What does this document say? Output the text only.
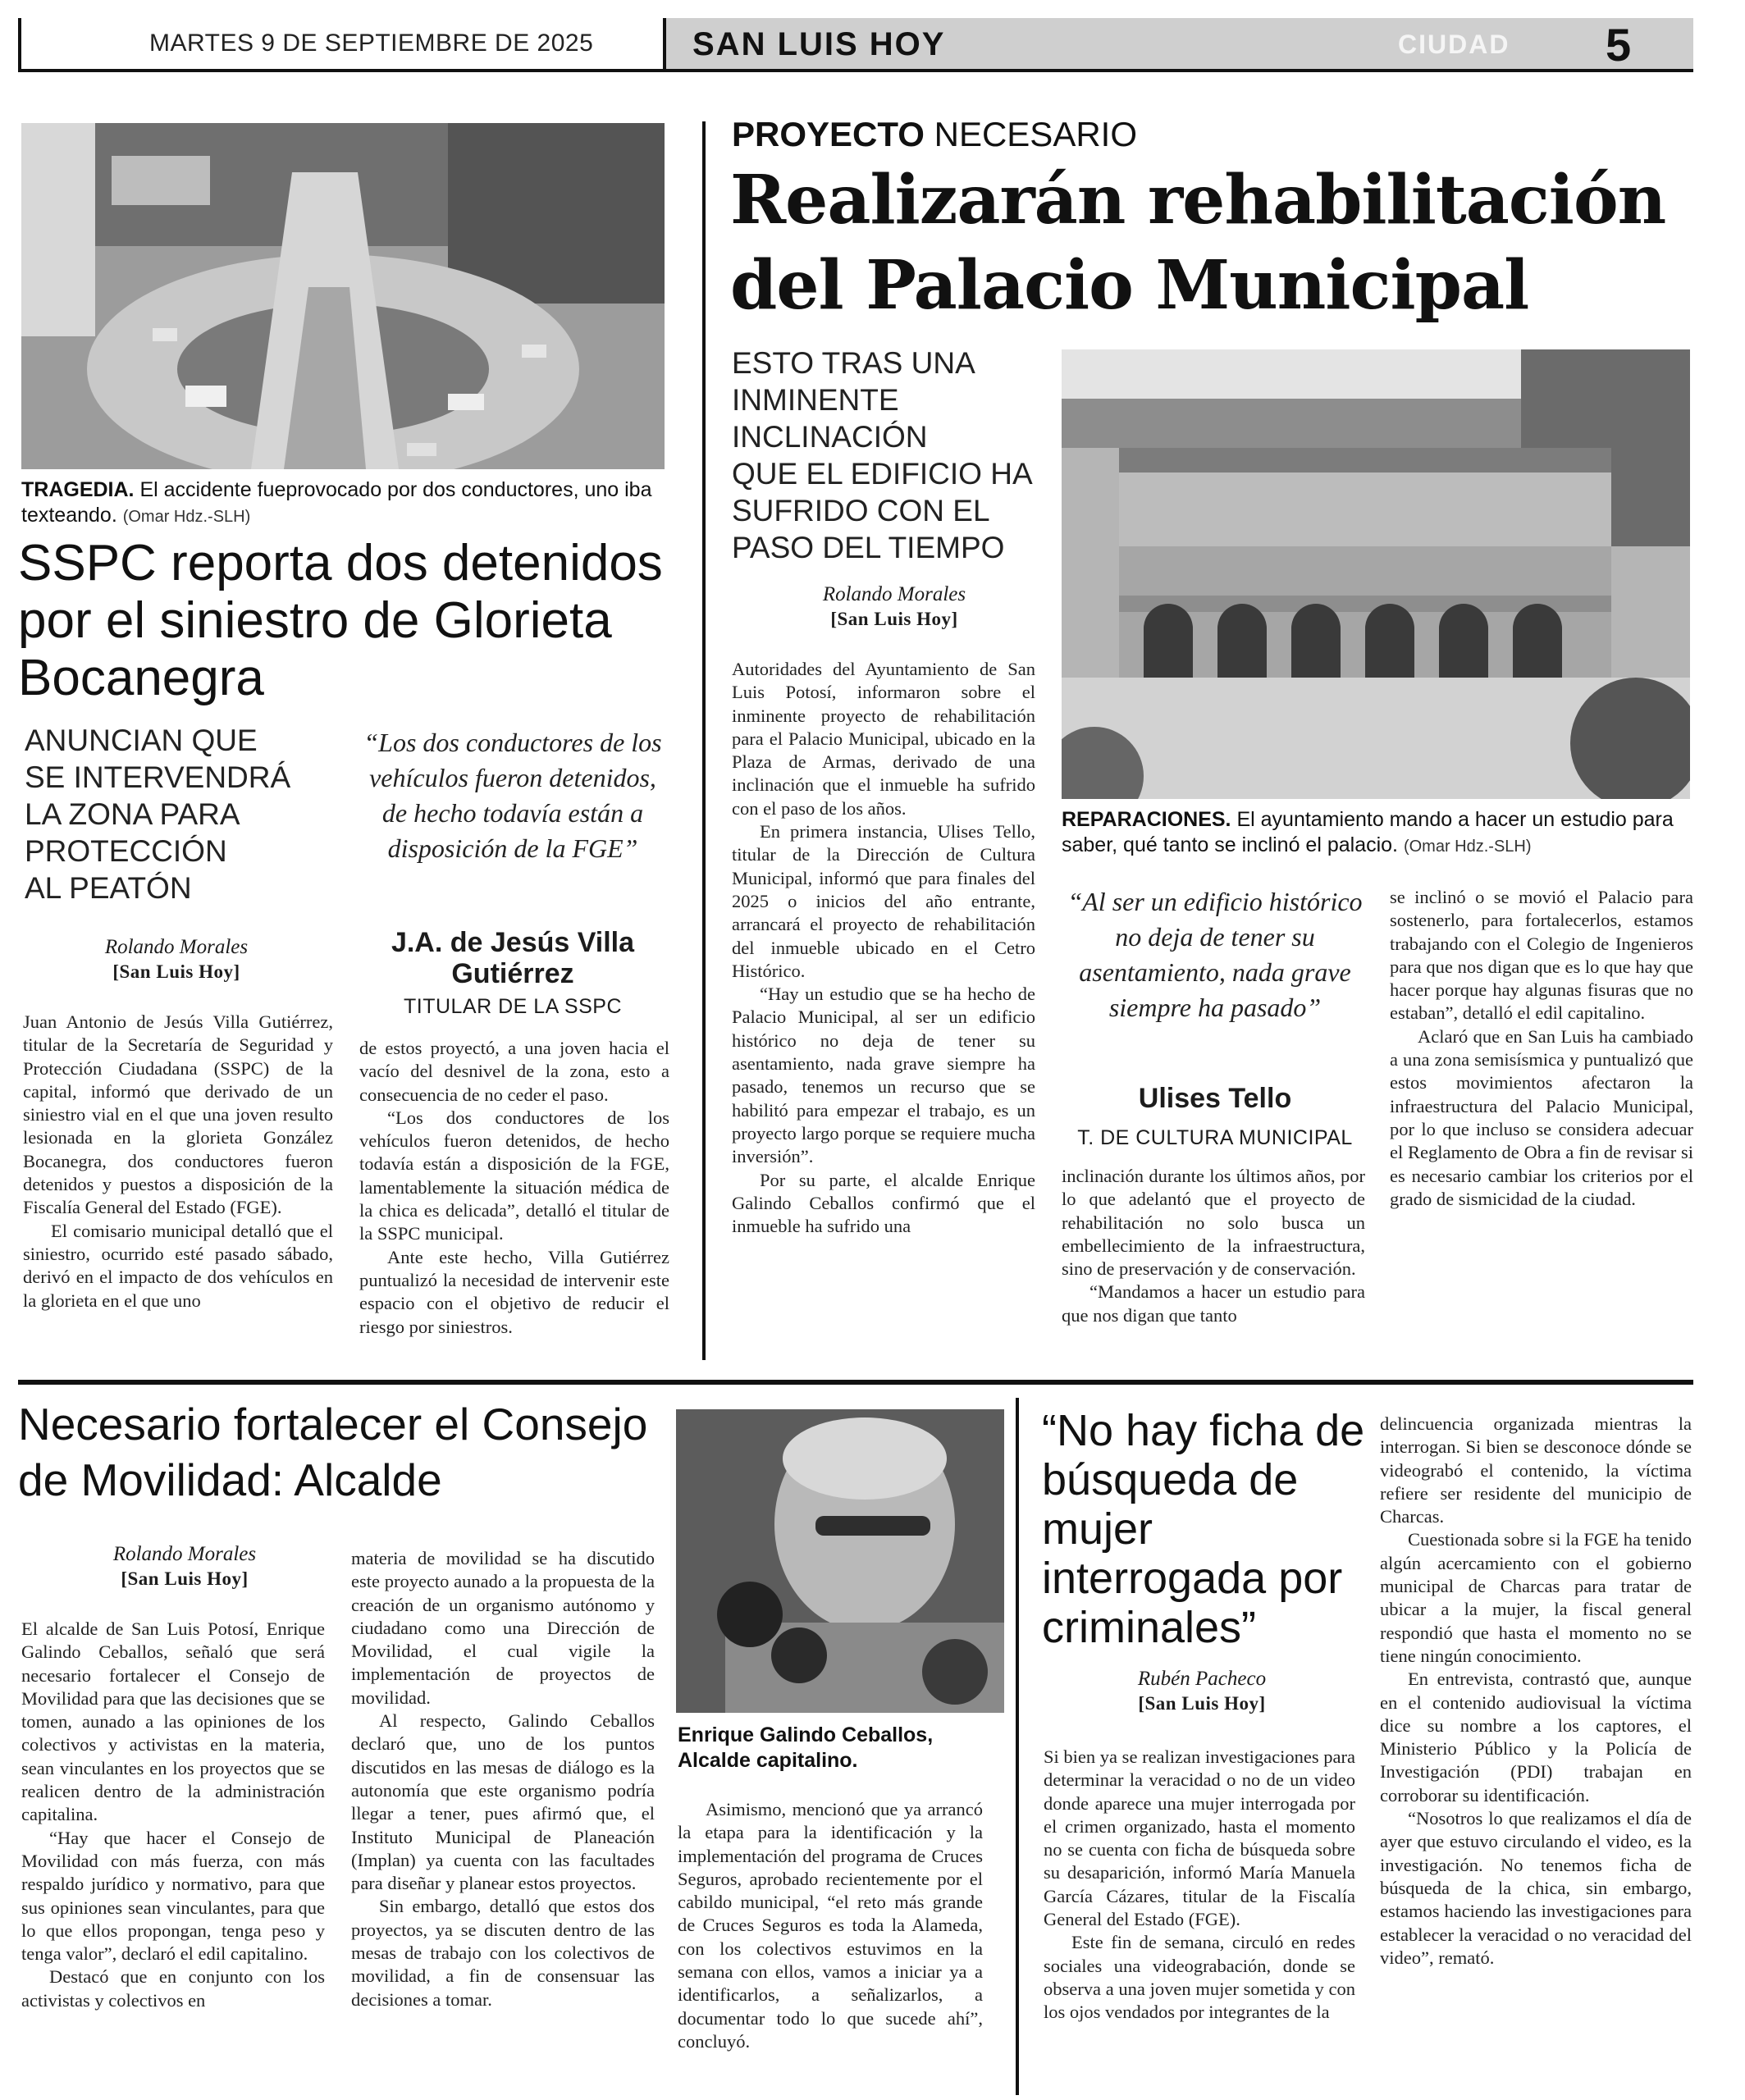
MARTES 9 DE SEPTIEMBRE DE 2025	SAN LUIS HOY	CIUDAD 5
TRAGEDIA. El accidente fueprovocado por dos conductores, uno iba texteando. (Omar Hdz.-SLH)
SSPC reporta dos detenidos por el siniestro de Glorieta Bocanegra
ANUNCIAN QUE
SE INTERVENDRÁ
LA ZONA PARA
PROTECCIÓN
AL PEATÓN
Rolando Morales
[San Luis Hoy]

Juan Antonio de Jesús Villa Gutiérrez, titular de la Secretaría de Seguridad y Protección Ciudadana (SSPC) de la capital, informó que derivado de un siniestro vial en el que una joven resulto lesionada en la glorieta González Bocanegra, dos conductores fueron detenidos y puestos a disposición de la Fiscalía General del Estado (FGE).

El comisario municipal detalló que el siniestro, ocurrido esté pasado sábado, derivó en el impacto de dos vehículos en la glorieta en el que uno

“Los dos conductores de los vehículos fueron detenidos, de hecho todavía están a disposición de la FGE”
J.A. de Jesús Villa Gutiérrez
TITULAR DE LA SSPC

de estos proyectó, a una joven hacia el vacío del desnivel de la zona, esto a consecuencia de no ceder el paso.

“Los dos conductores de los vehículos fueron detenidos, de hecho todavía están a disposición de la FGE, lamentablemente la situación médica de la chica es delicada”, detalló el titular de la SSPC municipal.

Ante este hecho, Villa Gutiérrez puntualizó la necesidad de intervenir este espacio con el objetivo de reducir el riesgo por siniestros.

PROYECTO NECESARIO
Realizarán rehabilitación del Palacio Municipal
ESTO TRAS UNA
INMINENTE
INCLINACIÓN
QUE EL EDIFICIO HA
SUFRIDO CON EL
PASO DEL TIEMPO
Rolando Morales
[San Luis Hoy]

Autoridades del Ayuntamiento de San Luis Potosí, informaron sobre el inminente proyecto de rehabilitación para el Palacio Municipal, ubicado en la Plaza de Armas, derivado de una inclinación que el inmueble ha sufrido con el paso de los años.

En primera instancia, Ulises Tello, titular de la Dirección de Cultura Municipal, informó que para finales del 2025 o inicios del año entrante, arrancará el proyecto de rehabilitación del inmueble ubicado en el Cetro Histórico.

“Hay un estudio que se ha hecho de Palacio Municipal, al ser un edificio histórico no deja de tener su asentamiento, nada grave siempre ha pasado, tenemos un recurso que se habilitó para empezar el trabajo, es un proyecto largo porque se requiere mucha inversión”.

Por su parte, el alcalde Enrique Galindo Ceballos confirmó que el inmueble ha sufrido una

REPARACIONES. El ayuntamiento mando a hacer un estudio para saber, qué tanto se inclinó el palacio. (Omar Hdz.-SLH)
“Al ser un edificio histórico no deja de tener su asentamiento, nada grave siempre ha pasado”
Ulises Tello
T. DE CULTURA MUNICIPAL

inclinación durante los últimos años, por lo que adelantó que el proyecto de rehabilitación no solo busca un embellecimiento de la infraestructura, sino de preservación y de conservación.

“Mandamos a hacer un estudio para que nos digan que tanto

se inclinó o se movió el Palacio para sostenerlo, para fortalecerlos, estamos trabajando con el Colegio de Ingenieros para que nos digan que es lo que hay que hacer porque hay algunas fisuras que no estaban”, detalló el edil capitalino.

Aclaró que en San Luis ha cambiado a una zona semisísmica y puntualizó que estos movimientos afectaron la infraestructura del Palacio Municipal, por lo que incluso se considera adecuar el Reglamento de Obra a fin de revisar si es necesario cambiar los criterios por el grado de sismicidad de la ciudad.

Necesario fortalecer el Consejo de Movilidad: Alcalde
Rolando Morales
[San Luis Hoy]

El alcalde de San Luis Potosí, Enrique Galindo Ceballos, señaló que será necesario fortalecer el Consejo de Movilidad para que las decisiones que se tomen, aunado a las opiniones de los colectivos y activistas en la materia, sean vinculantes en los proyectos que se realicen dentro de la administración capitalina.

“Hay que hacer el Consejo de Movilidad con más fuerza, con más respaldo jurídico y normativo, para que sus opiniones sean vinculantes, para que lo que ellos propongan, tenga peso y tenga valor”, declaró el edil capitalino.

Destacó que en conjunto con los activistas y colectivos en

materia de movilidad se ha discutido este proyecto aunado a la propuesta de la creación de un organismo autónomo y ciudadano como una Dirección de Movilidad, el cual vigile la implementación de proyectos de movilidad.

Al respecto, Galindo Ceballos declaró que, uno de los puntos discutidos en las mesas de diálogo es la autonomía que este organismo podría llegar a tener, pues afirmó que, el Instituto Municipal de Planeación (Implan) ya cuenta con las facultades para diseñar y planear estos proyectos.

Sin embargo, detalló que estos dos proyectos, ya se discuten dentro de las mesas de trabajo con los colectivos de movilidad, a fin de consensuar las decisiones a tomar.

Enrique Galindo Ceballos, Alcalde capitalino.

Asimismo, mencionó que ya arrancó la etapa para la identificación y la implementación del programa de Cruces Seguros, aprobado recientemente por el cabildo municipal, “el reto más grande de Cruces Seguros es toda la Alameda, con los colectivos estuvimos en la semana con ellos, vamos a iniciar ya a identificarlos, a señalizarlos, a documentar todo lo que sucede ahí”, concluyó.

“No hay ficha de búsqueda de mujer interrogada por criminales”
Rubén Pacheco
[San Luis Hoy]

Si bien ya se realizan investigaciones para determinar la veracidad o no de un video donde aparece una mujer interrogada por el crimen organizado, hasta el momento no se cuenta con ficha de búsqueda sobre su desaparición, informó María Manuela García Cázares, titular de la Fiscalía General del Estado (FGE).

Este fin de semana, circuló en redes sociales una videograbación, donde se observa a una joven mujer sometida y con los ojos vendados por integrantes de la

delincuencia organizada mientras la interrogan. Si bien se desconoce dónde se videograbó el contenido, la víctima refiere ser residente del municipio de Charcas.

Cuestionada sobre si la FGE ha tenido algún acercamiento con el gobierno municipal de Charcas para tratar de ubicar a la mujer, la fiscal general respondió que hasta el momento no se tiene ningún conocimiento.

En entrevista, contrastó que, aunque en el contenido audiovisual la víctima dice su nombre a los captores, el Ministerio Público y la Policía de Investigación (PDI) trabajan en corroborar su identificación.

“Nosotros lo que realizamos el día de ayer que estuvo circulando el video, es la investigación. No tenemos ficha de búsqueda de la chica, sin embargo, estamos haciendo las investigaciones para establecer la veracidad o no veracidad del video”, remató.
